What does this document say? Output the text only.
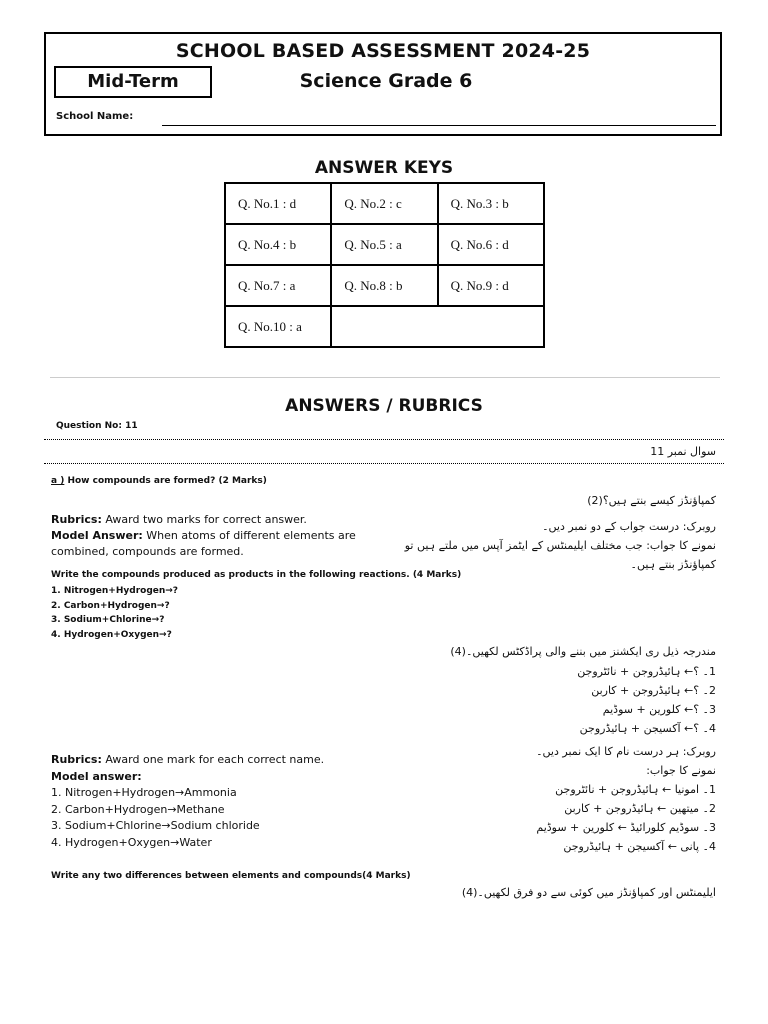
SCHOOL BASED ASSESSMENT 2024-25
Mid-Term	Science Grade 6
School Name:
ANSWER KEYS
Q. No.1 : d	Q. No.2 : c	Q. No.3 : b
Q. No.4 : b	Q. No.5 : a	Q. No.6 : d
Q. No.7 : a	Q. No.8 : b	Q. No.9 : d
Q. No.10 : a		
ANSWERS / RUBRICS
Question No: 11
سوال نمبر 11
a ) How compounds are formed? (2 Marks)
کمپاؤنڈز کیسے بنتے ہیں؟(2)
Rubrics: Award two marks for correct answer.
Model Answer: When atoms of different elements are combined, compounds are formed.
روبرک: درست جواب کے دو نمبر دیں۔
نمونے کا جواب: جب مختلف ایلیمنٹس کے ایٹمز آپس میں ملتے ہیں تو کمپاؤنڈز بنتے ہیں۔
Write the compounds produced as products in the following reactions. (4 Marks)
1. Nitrogen+Hydrogen→?
2. Carbon+Hydrogen→?
3. Sodium+Chlorine→?
4. Hydrogen+Oxygen→?
مندرجہ ذیل ری ایکشنز میں بننے والی پراڈکٹس لکھیں۔(4)
1۔ ؟← ہائیڈروجن + نائٹروجن
2۔ ؟← ہائیڈروجن + کاربن
3۔ ؟← کلورین + سوڈیم
4۔ ؟← آکسیجن + ہائیڈروجن
Rubrics: Award one mark for each correct name.
Model answer:
1. Nitrogen+Hydrogen→Ammonia
2. Carbon+Hydrogen→Methane
3. Sodium+Chlorine→Sodium chloride
4. Hydrogen+Oxygen→Water
روبرک: ہر درست نام کا ایک نمبر دیں۔
نمونے کا جواب:
1۔ امونیا ← ہائیڈروجن + نائٹروجن
2۔ میتھین ← ہائیڈروجن + کاربن
3۔ سوڈیم کلورائیڈ ← کلورین + سوڈیم
4۔ پانی ← آکسیجن + ہائیڈروجن
Write any two differences between elements and compounds(4 Marks)
ایلیمنٹس اور کمپاؤنڈز میں کوئی سے دو فرق لکھیں۔(4)
